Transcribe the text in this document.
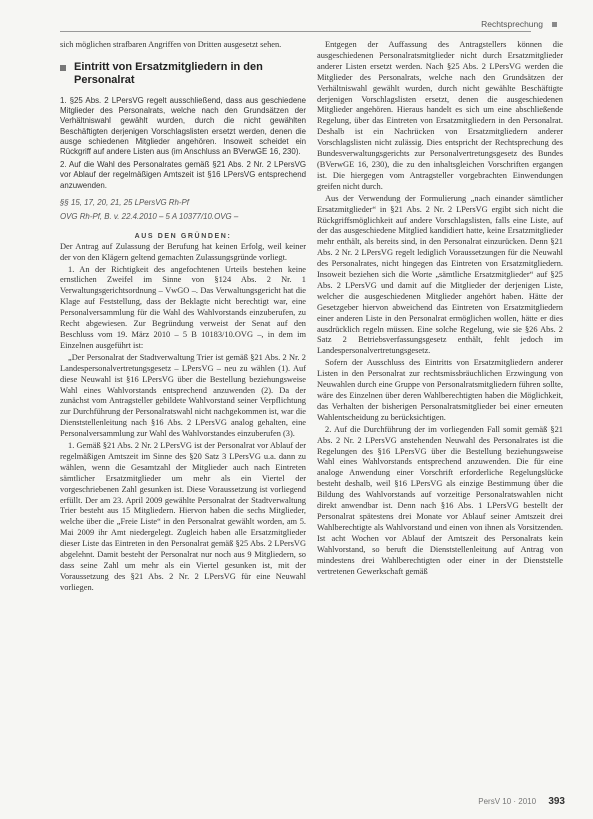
Rechtsprechung

sich möglichen strafbaren Angriffen von Dritten ausgesetzt sehen.

Eintritt von Ersatzmitgliedern in den Personalrat

1. §25 Abs. 2 LPersVG regelt ausschließend, dass aus geschiedene Mitglieder des Personalrats, welche nach den Grundsätzen der Verhältniswahl gewählt wurden, durch die nicht gewählten Beschäftigten derjenigen Vorschlagslisten ersetzt werden, denen die ausge schiedenen Mitglieder angehören. Insoweit scheidet ein Rückgriff auf andere Listen aus (im Anschluss an BVerwGE 16, 230).

2. Auf die Wahl des Personalrates gemäß §21 Abs. 2 Nr. 2 LPersVG vor Ablauf der regelmäßigen Amtszeit ist §16 LPersVG entsprechend anzuwenden.

§§ 15, 17, 20, 21, 25 LPersVG Rh-Pf

OVG Rh-Pf, B. v. 22.4.2010 – 5 A 10377/10.OVG –

AUS DEN GRÜNDEN:

Der Antrag auf Zulassung der Berufung hat keinen Erfolg, weil keiner der von den Klägern geltend gemachten Zulassungsgründe vorliegt.

1. An der Richtigkeit des angefochtenen Urteils bestehen keine ernstlichen Zweifel im Sinne von §124 Abs. 2 Nr. 1 Verwaltungsgerichtsordnung – VwGO –. Das Verwaltungsgericht hat die Klage auf Feststellung, dass der Beklagte nicht berechtigt war, eine Personalversammlung für die Wahl des Wahlvorstands einzuberufen, zu Recht abgewiesen. Zur Begründung verweist der Senat auf den Beschluss vom 19. März 2010 – 5 B 10183/10.OVG –, in dem im Einzelnen ausgeführt ist:

„Der Personalrat der Stadtverwaltung Trier ist gemäß §21 Abs. 2 Nr. 2 Landespersonalvertretungsgesetz – LPersVG – neu zu wählen (1). Auf diese Neuwahl ist §16 LPersVG über die Bestellung beziehungsweise Wahl eines Wahlvorstands entsprechend anzuwenden (2). Da der zunächst vom Antragsteller gebildete Wahlvorstand seiner Verpflichtung zur Durchführung der Personalratswahl nicht nachgekommen ist, war die Dienststellenleitung nach §16 Abs. 2 LPersVG analog gehalten, eine Personalversammlung zur Wahl des Wahlvorstandes einzuberufen (3).

1. Gemäß §21 Abs. 2 Nr. 2 LPersVG ist der Personalrat vor Ablauf der regelmäßigen Amtszeit im Sinne des §20 Satz 3 LPersVG u.a. dann zu wählen, wenn die Gesamtzahl der Mitglieder auch nach Eintreten sämtlicher Ersatzmitglieder um mehr als ein Viertel der vorgeschriebenen Zahl gesunken ist. Diese Voraussetzung ist vorliegend erfüllt. Der am 23. April 2009 gewählte Personalrat der Stadtverwaltung Trier besteht aus 15 Mitgliedern. Hiervon haben die sechs Mitglieder, welche über die „Freie Liste“ in den Personalrat gewählt worden, am 5. Mai 2009 ihr Amt niedergelegt. Zugleich haben alle Ersatzmitglieder dieser Liste das Eintreten in den Personalrat gemäß §25 Abs. 2 LPersVG abgelehnt. Damit besteht der Personalrat nur noch aus 9 Mitgliedern, so dass seine Zahl um mehr als ein Viertel gesunken ist, mit der Voraussetzung des §21 Abs. 2 Nr. 2 LPersVG für eine Neuwahl vorliegen.

Entgegen der Auffassung des Antragstellers können die ausgeschiedenen Personalratsmitglieder nicht durch Ersatzmitglieder anderer Listen ersetzt werden. Nach §25 Abs. 2 LPersVG werden die Mitglieder des Personalrats, welche nach den Grundsätzen der Verhältniswahl gewählt wurden, durch nicht gewählte Beschäftigte derjenigen Vorschlagslisten ersetzt, denen die ausgeschiedenen Mitglieder angehören. Hieraus handelt es sich um eine abschließende Regelung, über das Eintreten von Ersatzmitgliedern in den Personalrat. Deshalb ist ein Nachrücken von Ersatzmitgliedern anderer Vorschlagslisten nicht zulässig. Dies entspricht der Rechtsprechung des Bundesverwaltungsgerichts zur Personalvertretungsgesetz des Bundes (BVerwGE 16, 230), die zu den inhaltsgleichen Vorschriften ergangen ist. Die hiergegen vom Antragsteller vorgebrachten Einwendungen greifen nicht durch.

Aus der Verwendung der Formulierung „nach einander sämtlicher Ersatzmitglieder“ in §21 Abs. 2 Nr. 2 LPersVG ergibt sich nicht die Rückgriffsmöglichkeit auf andere Vorschlagslisten, falls eine Liste, auf der das ausgeschiedene Mitglied kandidiert hatte, keine Ersatzmitglieder mehr enthält, als bereits sind, in den Personalrat einzurücken. Denn §21 Abs. 2 Nr. 2 LPersVG regelt lediglich Voraussetzungen für die Neuwahl des Personalrates, nicht hingegen das Eintreten von Ersatzmitgliedern. Insoweit beziehen sich die Worte „sämtliche Ersatzmitglieder“ auf §25 Abs. 2 LPersVG und damit auf die Mitglieder der derjenigen Liste, welcher die ausgeschiedenen Mitglieder angehört haben. Hätte der Gesetzgeber hiervon abweichend das Eintreten von Ersatzmitgliedern einer anderen Liste in den Personalrat ermöglichen wollen, hätte er dies ausdrücklich regeln müssen. Eine solche Regelung, wie sie §26 Abs. 2 Satz 2 Betriebsverfassungsgesetz enthält, fehlt jedoch im Landespersonalvertretungsgesetz.

Sofern der Ausschluss des Eintritts von Ersatzmitgliedern anderer Listen in den Personalrat zur rechtsmissbräuchlichen Erzwingung von Neuwahlen durch eine Gruppe von Personalratsmitgliedern führen sollte, wäre des Einzelnen über deren Wahlberechtigten haben die Möglichkeit, das Verhalten der bisherigen Personalratsmitglieder bei einer erneuten Wahlentscheidung zu berücksichtigen.

2. Auf die Durchführung der im vorliegenden Fall somit gemäß §21 Abs. 2 Nr. 2 LPersVG anstehenden Neuwahl des Personalrates ist die Regelungen des §16 LPersVG über die Bestellung beziehungsweise Wahl eines Wahlvorstands entsprechend anzuwenden. Die für eine analoge Anwendung einer Vorschrift erforderliche Regelungslücke besteht deshalb, weil §16 LPersVG als einzige Bestimmung über die Bildung des Wahlvorstands auf vorzeitige Personalratswahlen nicht direkt anwendbar ist. Denn nach §16 Abs. 1 LPersVG bestellt der Personalrat spätestens drei Monate vor Ablauf seiner Amtszeit drei Wahlberechtigte als Wahlvorstand und einen von ihnen als Vorsitzenden. Ist acht Wochen vor Ablauf der Amtszeit des Personalrats kein Wahlvorstand, so beruft die Dienststellenleitung auf Antrag von mindestens drei Wahlberechtigten oder einer in der Dienststelle vertretenen Gewerkschaft gemäß

PersV 10 · 2010 393
